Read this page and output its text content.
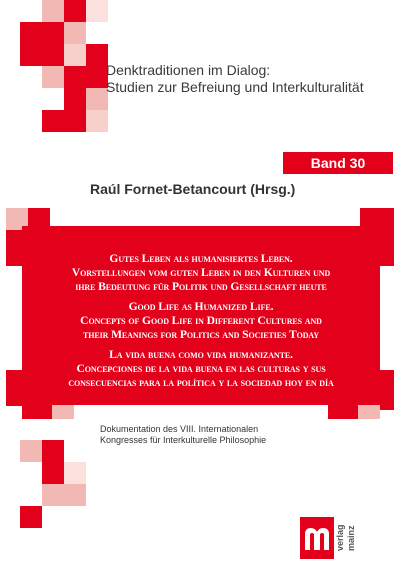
Denktraditionen im Dialog:
Studien zur Befreiung und Interkulturalität
Band 30
Raúl Fornet-Betancourt (Hrsg.)
Gutes Leben als humanisiertes Leben.
Vorstellungen vom guten Leben in den Kulturen und
ihre Bedeutung für Politik und Gesellschaft heute
Good Life as Humanized Life.
Concepts of Good Life in Different Cultures and
their Meanings for Politics and Societies Today
La vida buena como vida humanizante.
Concepciones de la vida buena en las culturas y sus
consecuencias para la política y la sociedad hoy en día
Dokumentation des VIII. Internationalen
Kongresses für Interkulturelle Philosophie
verlag mainz
